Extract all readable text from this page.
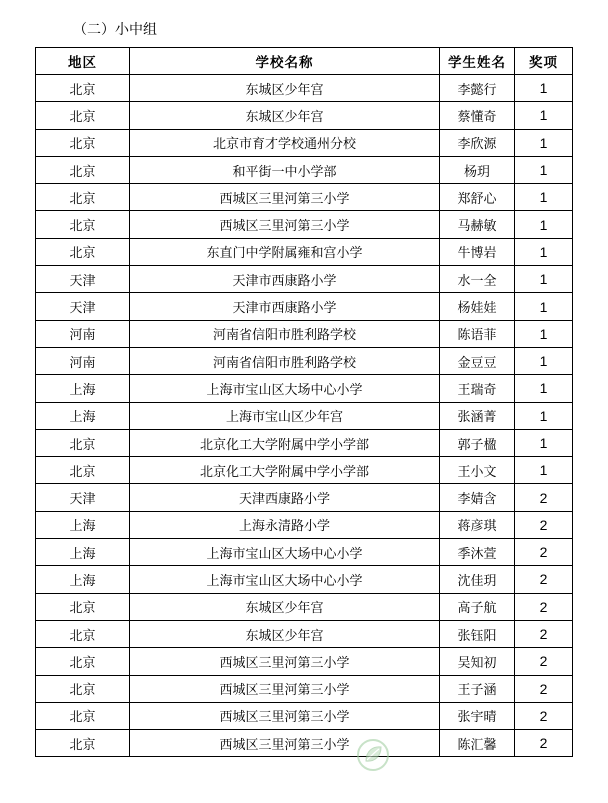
（二）小中组
地区	学校名称	学生姓名	奖项
北京	东城区少年宫	李懿行	1
北京	东城区少年宫	蔡懂奇	1
北京	北京市育才学校通州分校	李欣源	1
北京	和平街一中小学部	杨玥	1
北京	西城区三里河第三小学	郑舒心	1
北京	西城区三里河第三小学	马赫敏	1
北京	东直门中学附属雍和宫小学	牛博岩	1
天津	天津市西康路小学	水一全	1
天津	天津市西康路小学	杨娃娃	1
河南	河南省信阳市胜利路学校	陈语菲	1
河南	河南省信阳市胜利路学校	金豆豆	1
上海	上海市宝山区大场中心小学	王瑞奇	1
上海	上海市宝山区少年宫	张涵菁	1
北京	北京化工大学附属中学小学部	郭子楹	1
北京	北京化工大学附属中学小学部	王小文	1
天津	天津西康路小学	李婧含	2
上海	上海永清路小学	蒋彦琪	2
上海	上海市宝山区大场中心小学	季沐萱	2
上海	上海市宝山区大场中心小学	沈佳玥	2
北京	东城区少年宫	高子航	2
北京	东城区少年宫	张钰阳	2
北京	西城区三里河第三小学	吴知初	2
北京	西城区三里河第三小学	王子涵	2
北京	西城区三里河第三小学	张宇晴	2
北京	西城区三里河第三小学	陈汇馨	2
